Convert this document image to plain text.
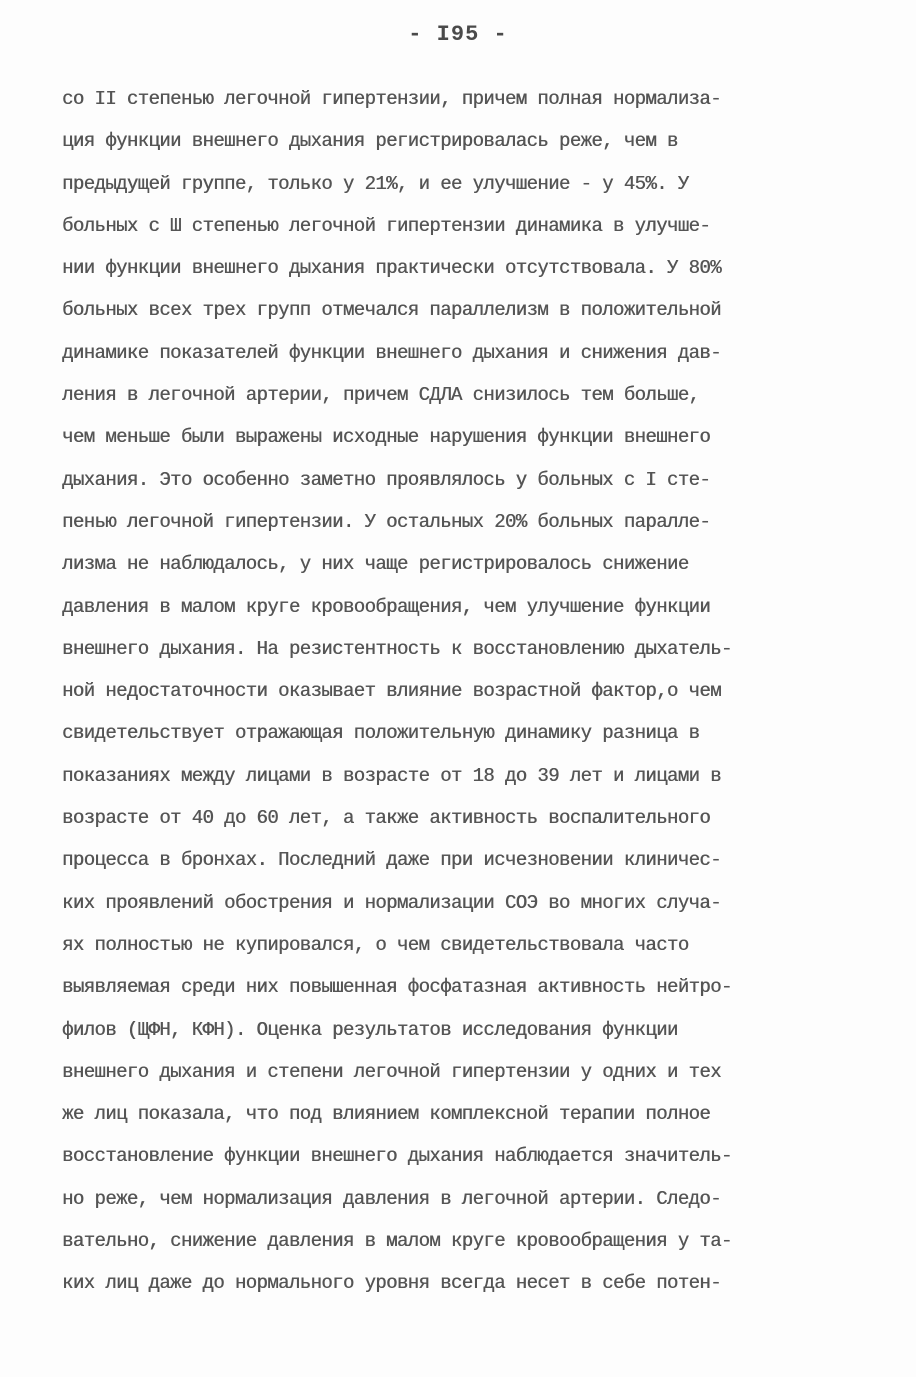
- I95 -
со II степенью легочной гипертензии, причем полная нормализа-
ция функции внешнего дыхания регистрировалась реже, чем в
предыдущей группе, только у 21%, и ее улучшение - у 45%. У
больных с Ш степенью легочной гипертензии динамика в улучше-
нии функции внешнего дыхания практически отсутствовала. У 80%
больных всех трех групп отмечался параллелизм в положительной
динамике показателей функции внешнего дыхания и снижения дав-
ления в легочной артерии, причем СДЛА снизилось тем больше,
чем меньше были выражены исходные нарушения функции внешнего
дыхания. Это особенно заметно проявлялось у больных с I сте-
пенью легочной гипертензии. У остальных 20% больных паралле-
лизма не наблюдалось, у них чаще регистрировалось снижение
давления в малом круге кровообращения, чем улучшение функции
внешнего дыхания. На резистентность к восстановлению дыхатель-
ной недостаточности оказывает влияние возрастной фактор,о чем
свидетельствует отражающая положительную динамику разница в
показаниях между лицами в возрасте от 18 до 39 лет и лицами в
возрасте от 40 до 60 лет, а также активность воспалительного
процесса в бронхах. Последний даже при исчезновении клиничес-
ких проявлений обострения и нормализации СОЭ во многих случа-
ях полностью не купировался, о чем свидетельствовала часто
выявляемая среди них повышенная фосфатазная активность нейтро-
филов (ЩФН, КФН). Оценка результатов исследования функции
внешнего дыхания и степени легочной гипертензии у одних и тех
же лиц показала, что под влиянием комплексной терапии полное
восстановление функции внешнего дыхания наблюдается значитель-
но реже, чем нормализация давления в легочной артерии. Следо-
вательно, снижение давления в малом круге кровообращения у та-
ких лиц даже до нормального уровня всегда несет в себе потен-
